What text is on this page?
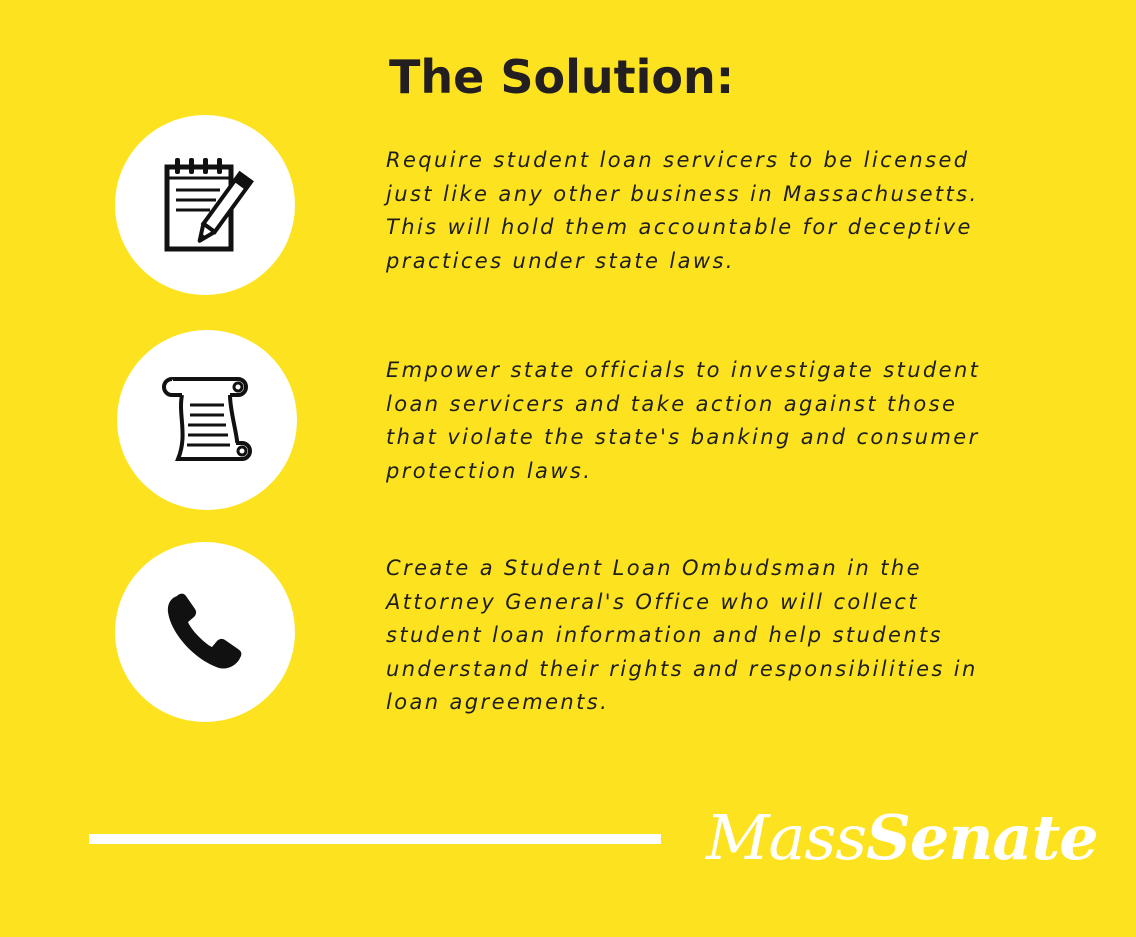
The Solution:
Require student loan servicers to be licensed
just like any other business in Massachusetts.
This will hold them accountable for deceptive
practices under state laws.
Empower state officials to investigate student
loan servicers and take action against those
that violate the state's banking and consumer
protection laws.
Create a Student Loan Ombudsman in the
Attorney General's Office who will collect
student loan information and help students
understand their rights and responsibilities in
loan agreements.
MassSenate
